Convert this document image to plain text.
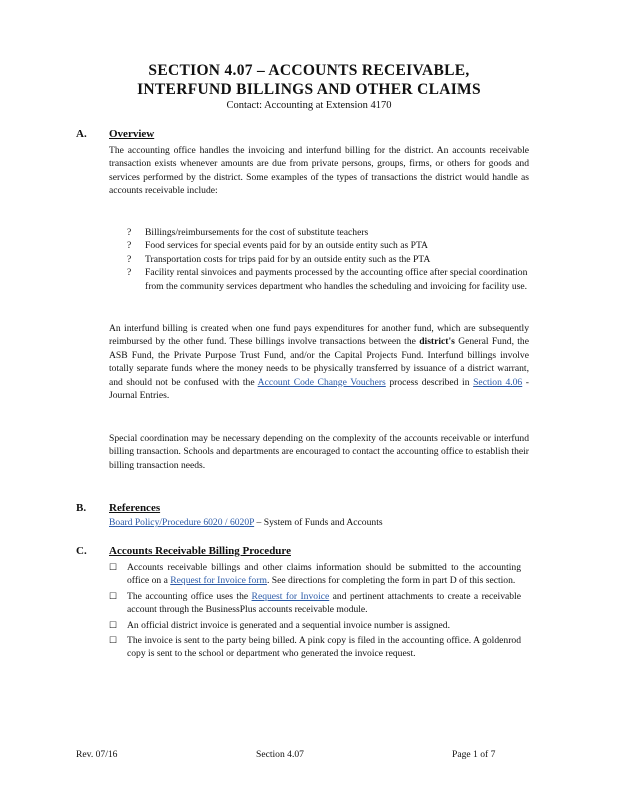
SECTION 4.07 – ACCOUNTS RECEIVABLE,
INTERFUND BILLINGS AND OTHER CLAIMS
Contact: Accounting at Extension 4170
A. Overview
The accounting office handles the invoicing and interfund billing for the district. An accounts receivable transaction exists whenever amounts are due from private persons, groups, firms, or others for goods and services performed by the district. Some examples of the types of transactions the district would handle as accounts receivable include:
? Billings/reimbursements for the cost of substitute teachers
? Food services for special events paid for by an outside entity such as PTA
? Transportation costs for trips paid for by an outside entity such as the PTA
? Facility rental sinvoices and payments processed by the accounting office after special coordination from the community services department who handles the scheduling and invoicing for facility use.
An interfund billing is created when one fund pays expenditures for another fund, which are subsequently reimbursed by the other fund. These billings involve transactions between the district's General Fund, the ASB Fund, the Private Purpose Trust Fund, and/or the Capital Projects Fund. Interfund billings involve totally separate funds where the money needs to be physically transferred by issuance of a district warrant, and should not be confused with the Account Code Change Vouchers process described in Section 4.06 - Journal Entries.
Special coordination may be necessary depending on the complexity of the accounts receivable or interfund billing transaction. Schools and departments are encouraged to contact the accounting office to establish their billing transaction needs.
B. References
Board Policy/Procedure 6020 / 6020P – System of Funds and Accounts
C. Accounts Receivable Billing Procedure
☐ Accounts receivable billings and other claims information should be submitted to the accounting office on a Request for Invoice form. See directions for completing the form in part D of this section.
☐ The accounting office uses the Request for Invoice and pertinent attachments to create a receivable account through the BusinessPlus accounts receivable module.
☐ An official district invoice is generated and a sequential invoice number is assigned.
☐ The invoice is sent to the party being billed. A pink copy is filed in the accounting office. A goldenrod copy is sent to the school or department who generated the invoice request.
Rev. 07/16	Section 4.07	Page 1 of 7
